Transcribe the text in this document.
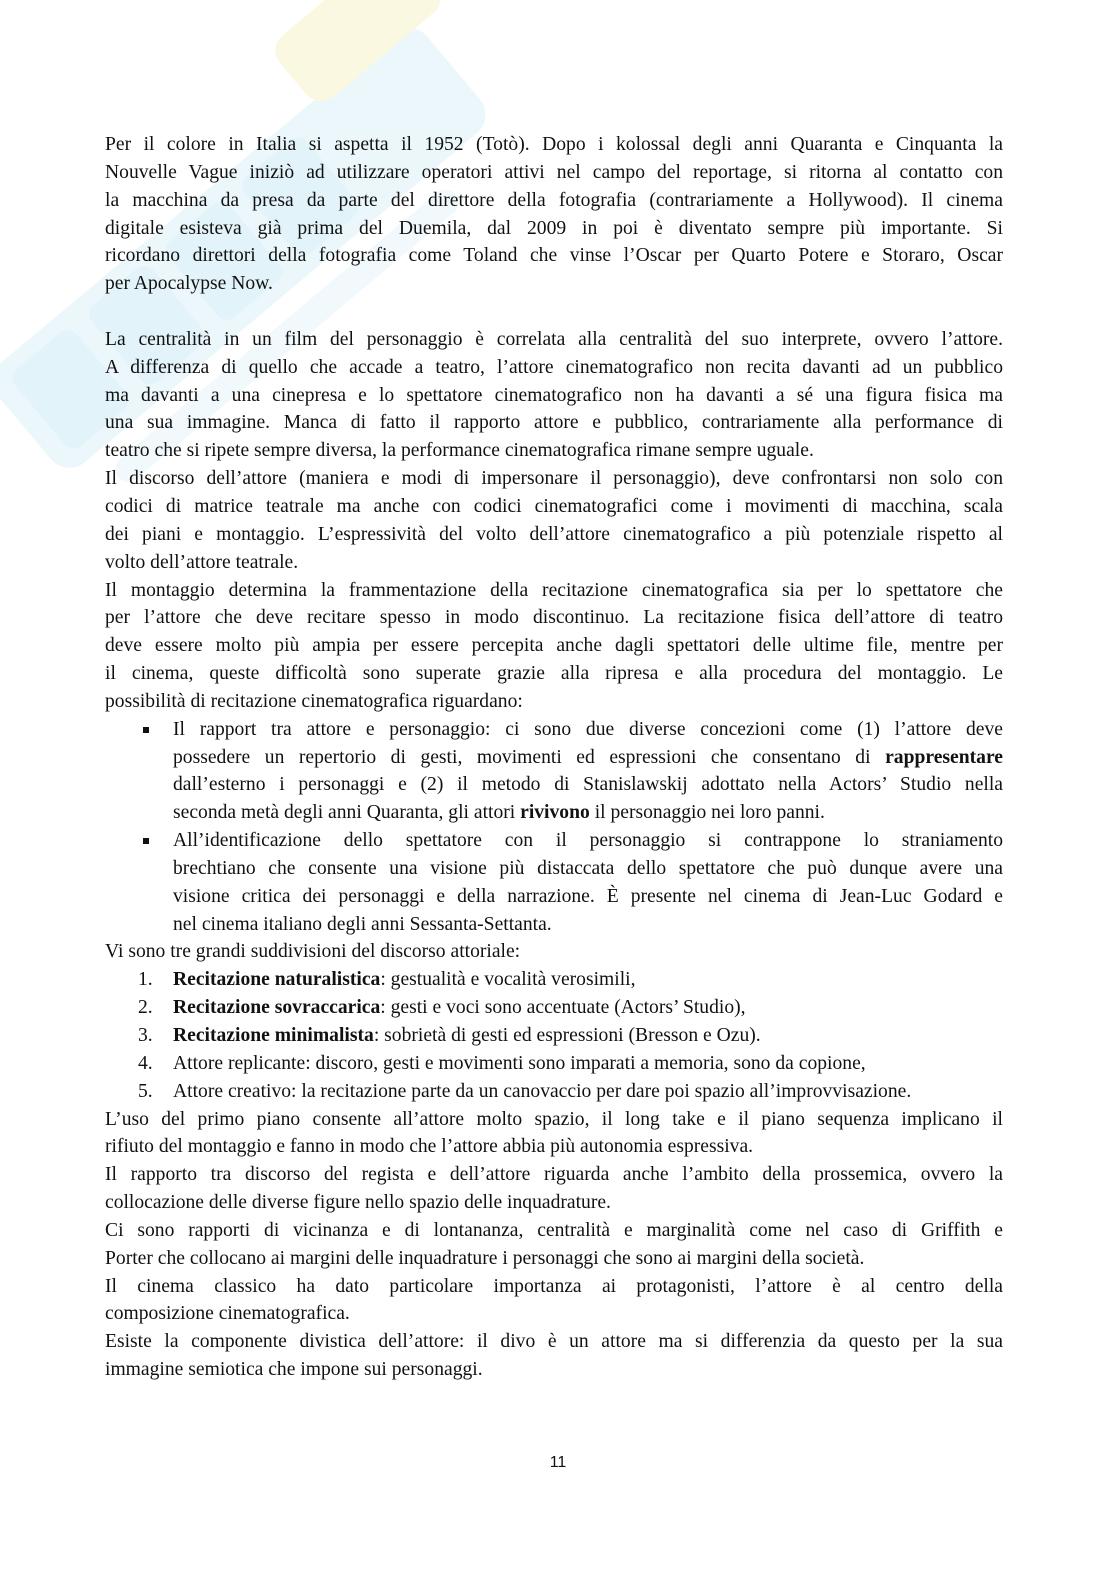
Per il colore in Italia si aspetta il 1952 (Totò). Dopo i kolossal degli anni Quaranta e Cinquanta la
Nouvelle Vague iniziò ad utilizzare operatori attivi nel campo del reportage, si ritorna al contatto con
la macchina da presa da parte del direttore della fotografia (contrariamente a Hollywood). Il cinema
digitale esisteva già prima del Duemila, dal 2009 in poi è diventato sempre più importante. Si
ricordano direttori della fotografia come Toland che vinse l’Oscar per Quarto Potere e Storaro, Oscar
per Apocalypse Now.
La centralità in un film del personaggio è correlata alla centralità del suo interprete, ovvero l’attore.
A differenza di quello che accade a teatro, l’attore cinematografico non recita davanti ad un pubblico
ma davanti a una cinepresa e lo spettatore cinematografico non ha davanti a sé una figura fisica ma
una sua immagine. Manca di fatto il rapporto attore e pubblico, contrariamente alla performance di
teatro che si ripete sempre diversa, la performance cinematografica rimane sempre uguale.
Il discorso dell’attore (maniera e modi di impersonare il personaggio), deve confrontarsi non solo con
codici di matrice teatrale ma anche con codici cinematografici come i movimenti di macchina, scala
dei piani e montaggio. L’espressività del volto dell’attore cinematografico a più potenziale rispetto al
volto dell’attore teatrale.
Il montaggio determina la frammentazione della recitazione cinematografica sia per lo spettatore che
per l’attore che deve recitare spesso in modo discontinuo. La recitazione fisica dell’attore di teatro
deve essere molto più ampia per essere percepita anche dagli spettatori delle ultime file, mentre per
il cinema, queste difficoltà sono superate grazie alla ripresa e alla procedura del montaggio. Le
possibilità di recitazione cinematografica riguardano:
Il rapport tra attore e personaggio: ci sono due diverse concezioni come (1) l’attore deve
possedere un repertorio di gesti, movimenti ed espressioni che consentano di rappresentare
dall’esterno i personaggi e (2) il metodo di Stanislawskij adottato nella Actors’ Studio nella
seconda metà degli anni Quaranta, gli attori rivivono il personaggio nei loro panni.
All’identificazione dello spettatore con il personaggio si contrappone lo straniamento
brechtiano che consente una visione più distaccata dello spettatore che può dunque avere una
visione critica dei personaggi e della narrazione. È presente nel cinema di Jean-Luc Godard e
nel cinema italiano degli anni Sessanta-Settanta.
Vi sono tre grandi suddivisioni del discorso attoriale:
1. Recitazione naturalistica: gestualità e vocalità verosimili,
2. Recitazione sovraccarica: gesti e voci sono accentuate (Actors’ Studio),
3. Recitazione minimalista: sobrietà di gesti ed espressioni (Bresson e Ozu).
4. Attore replicante: discoro, gesti e movimenti sono imparati a memoria, sono da copione,
5. Attore creativo: la recitazione parte da un canovaccio per dare poi spazio all’improvvisazione.
L’uso del primo piano consente all’attore molto spazio, il long take e il piano sequenza implicano il
rifiuto del montaggio e fanno in modo che l’attore abbia più autonomia espressiva.
Il rapporto tra discorso del regista e dell’attore riguarda anche l’ambito della prossemica, ovvero la
collocazione delle diverse figure nello spazio delle inquadrature.
Ci sono rapporti di vicinanza e di lontananza, centralità e marginalità come nel caso di Griffith e
Porter che collocano ai margini delle inquadrature i personaggi che sono ai margini della società.
Il cinema classico ha dato particolare importanza ai protagonisti, l’attore è al centro della
composizione cinematografica.
Esiste la componente divistica dell’attore: il divo è un attore ma si differenzia da questo per la sua
immagine semiotica che impone sui personaggi.
11
